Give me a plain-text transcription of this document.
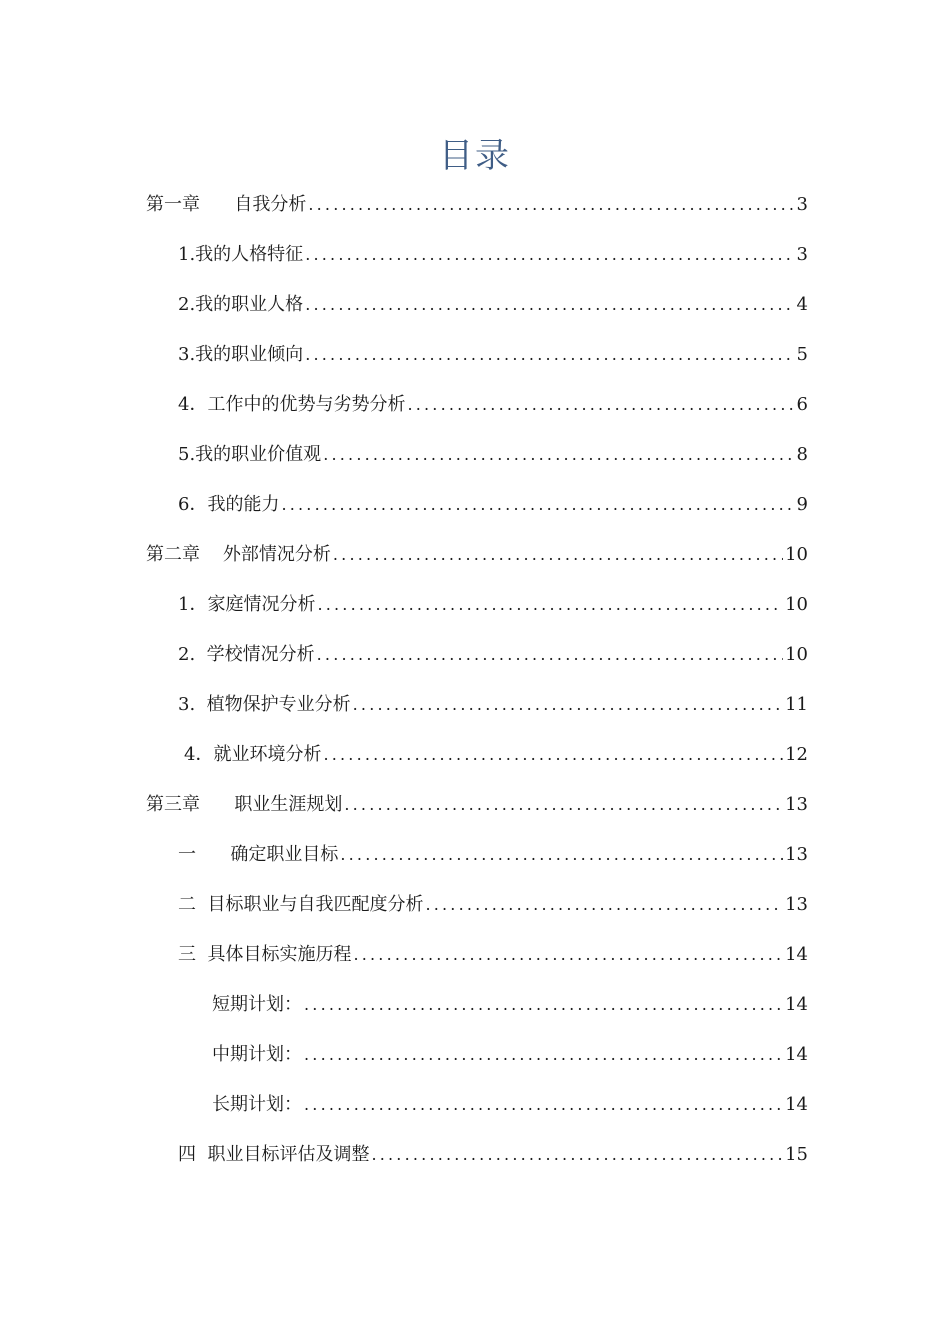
目录
第一章      自我分析 .....	3
1.我的人格特征 .....	3
2.我的职业人格 .....	4
3.我的职业倾向 .....	5
4．工作中的优势与劣势分析 .....	6
5.我的职业价值观 .....	8
6．我的能力 .....	9
第二章    外部情况分析 .....	10
1．家庭情况分析 .....	10
2.  学校情况分析 .....	10
3.  植物保护专业分析 .....	11
4．就业环境分析 .....	12
第三章      职业生涯规划 .....	13
一      确定职业目标 .....	13
二  目标职业与自我匹配度分析 .....	13
三  具体目标实施历程 .....	14
短期计划： .....	14
中期计划： .....	14
长期计划： .....	14
四  职业目标评估及调整 .....	15
